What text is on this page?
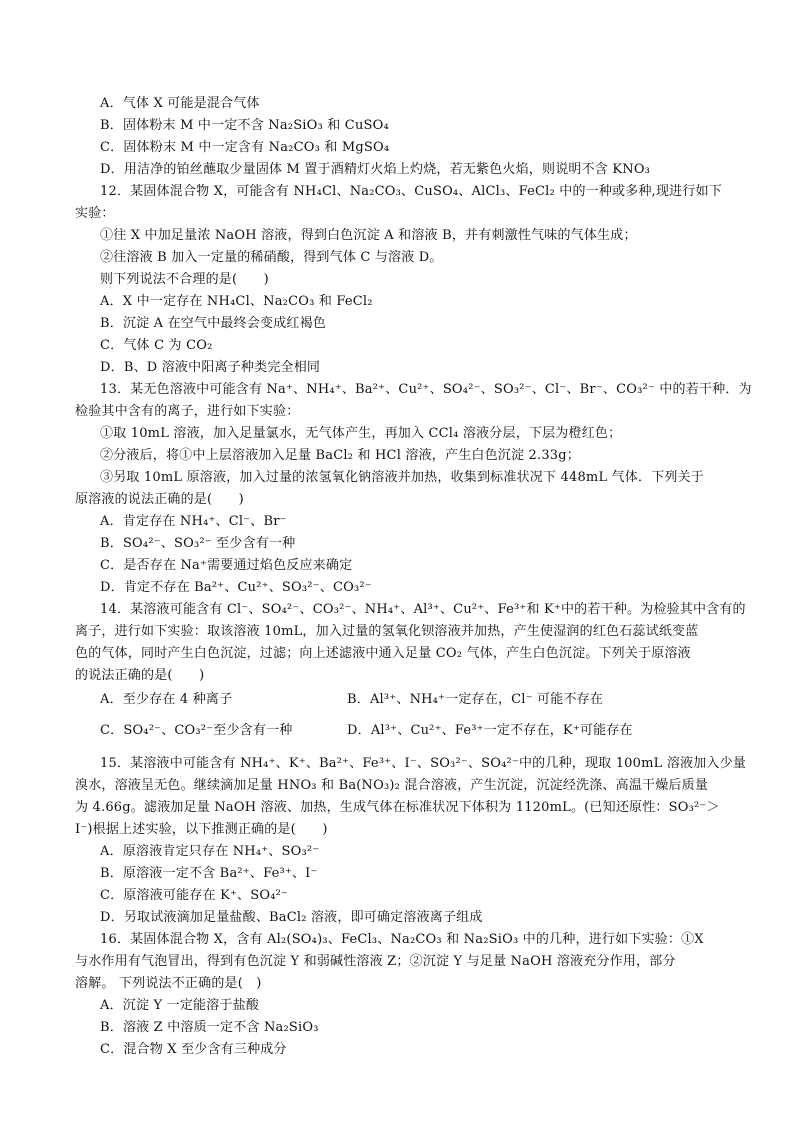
A．气体 X 可能是混合气体
B．固体粉末 M 中一定不含 Na₂SiO₃ 和 CuSO₄
C．固体粉末 M 中一定含有 Na₂CO₃ 和 MgSO₄
D．用洁净的铂丝蘸取少量固体 M 置于酒精灯火焰上灼烧，若无紫色火焰，则说明不含 KNO₃
12．某固体混合物 X，可能含有 NH₄Cl、Na₂CO₃、CuSO₄、AlCl₃、FeCl₂ 中的一种或多种,现进行如下
实验：
①往 X 中加足量浓 NaOH 溶液，得到白色沉淀 A 和溶液 B，并有刺激性气味的气体生成；
②往溶液 B 加入一定量的稀硝酸，得到气体 C 与溶液 D。
则下列说法不合理的是(　　)
A．X 中一定存在 NH₄Cl、Na₂CO₃ 和 FeCl₂
B．沉淀 A 在空气中最终会变成红褐色
C．气体 C 为 CO₂
D．B、D 溶液中阳离子种类完全相同
13．某无色溶液中可能含有 Na⁺、NH₄⁺、Ba²⁺、Cu²⁺、SO₄²⁻、SO₃²⁻、Cl⁻、Br⁻、CO₃²⁻ 中的若干种．为
检验其中含有的离子，进行如下实验：
①取 10mL 溶液，加入足量氯水，无气体产生，再加入 CCl₄ 溶液分层，下层为橙红色；
②分液后，将①中上层溶液加入足量 BaCl₂ 和 HCl 溶液，产生白色沉淀 2.33g；
③另取 10mL 原溶液，加入过量的浓氢氧化钠溶液并加热，收集到标准状况下 448mL 气体．下列关于
原溶液的说法正确的是(　　)
A．肯定存在 NH₄⁺、Cl⁻、Br⁻
B．SO₄²⁻、SO₃²⁻ 至少含有一种
C．是否存在 Na⁺需要通过焰色反应来确定
D．肯定不存在 Ba²⁺、Cu²⁺、SO₃²⁻、CO₃²⁻
14．某溶液可能含有 Cl⁻、SO₄²⁻、CO₃²⁻、NH₄⁺、Al³⁺、Cu²⁺、Fe³⁺和 K⁺中的若干种。为检验其中含有的
离子，进行如下实验：取该溶液 10mL，加入过量的氢氧化钡溶液并加热，产生使湿润的红色石蕊试纸变蓝
色的气体，同时产生白色沉淀，过滤；向上述滤液中通入足量 CO₂ 气体，产生白色沉淀。下列关于原溶液
的说法正确的是(　　)
A．至少存在 4 种离子	B．Al³⁺、NH₄⁺一定存在，Cl⁻ 可能不存在
C．SO₄²⁻、CO₃²⁻至少含有一种	D．Al³⁺、Cu²⁺、Fe³⁺一定不存在，K⁺可能存在
15．某溶液中可能含有 NH₄⁺、K⁺、Ba²⁺、Fe³⁺、I⁻、SO₃²⁻、SO₄²⁻中的几种，现取 100mL 溶液加入少量
溴水，溶液呈无色。继续滴加足量 HNO₃ 和 Ba(NO₃)₂ 混合溶液，产生沉淀，沉淀经洗涤、高温干燥后质量
为 4.66g。滤液加足量 NaOH 溶液、加热，生成气体在标准状况下体积为 1120mL。(已知还原性：SO₃²⁻＞
I⁻)根据上述实验，以下推测正确的是(　　)
A．原溶液肯定只存在 NH₄⁺、SO₃²⁻
B．原溶液一定不含 Ba²⁺、Fe³⁺、I⁻
C．原溶液可能存在 K⁺、SO₄²⁻
D．另取试液滴加足量盐酸、BaCl₂ 溶液，即可确定溶液离子组成
16．某固体混合物 X，含有 Al₂(SO₄)₃、FeCl₃、Na₂CO₃ 和 Na₂SiO₃ 中的几种，进行如下实验：①X
与水作用有气泡冒出，得到有色沉淀 Y 和弱碱性溶液 Z；②沉淀 Y 与足量 NaOH 溶液充分作用，部分
溶解。 下列说法不正确的是(　)
A．沉淀 Y 一定能溶于盐酸
B．溶液 Z 中溶质一定不含 Na₂SiO₃
C．混合物 X 至少含有三种成分
